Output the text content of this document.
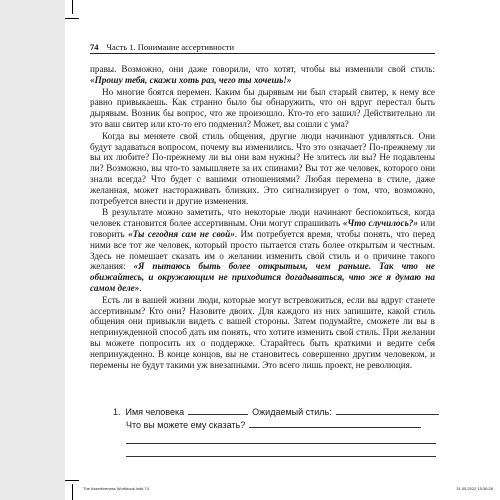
74 Часть 1. Понимание ассертивности

правы. Возможно, они даже говорили, что хотят, чтобы вы изменили свой стиль: «Прошу тебя, скажи хоть раз, чего ты хочешь!»

Но многие боятся перемен. Каким бы дырявым ни был старый свитер, к нему все равно привыкаешь. Как странно было бы обнаружить, что он вдруг перестал быть дырявым. Возник бы вопрос, что же произошло. Кто-то его зашил? Действительно ли это ваш свитер или кто-то его подменил? Может, вы сошли с ума?

Когда вы меняете свой стиль общения, другие люди начинают удивляться. Они будут задаваться вопросом, почему вы изменились. Что это означает? По-прежнему ли вы их любите? По-прежнему ли вы они вам нужны? Не злитесь ли вы? Не подавлены ли? Возможно, вы что-то замышляете за их спинами? Вы тот же человек, которого они знали всегда? Что будет с вашими отношениями? Любая перемена в стиле, даже желанная, может настораживать близких. Это сигнализирует о том, что, возможно, потребуется внести и другие изменения.

В результате можно заметить, что некоторые люди начинают беспокоиться, когда человек становится более ассертивным. Они могут спрашивать «Что случилось?» или говорить «Ты сегодня сам не свой». Им потребуется время, чтобы понять, что перед ними все тот же человек, который просто пытается стать более открытым и честным. Здесь не помешает сказать им о желании изменить свой стиль и о причине такого желания: «Я пытаюсь быть более открытым, чем раньше. Так что не обижайтесь, и окружающим не приходится догадываться, что же я думаю на самом деле».

Есть ли в вашей жизни люди, которые могут встревожиться, если вы вдруг станете ассертивным? Кто они? Назовите двоих. Для каждого из них запишите, какой стиль общения они привыкли видеть с вашей стороны. Затем подумайте, сможете ли вы в непринужденной способ дать им понять, что хотите изменить свой стиль. При желании вы можете попросить их о поддержке. Старайтесь быть краткими и ведите себя непринужденно. В конце концов, вы не становитесь совершенно другим человеком, и перемены не будут такими уж внезапными. Это всего лишь проект, не революция.

1. Имя человека	Ожидаемый стиль:
Что вы можете ему сказать?
The Assertiveness Workbook.indd 74	31.05.2022 15:36:28
